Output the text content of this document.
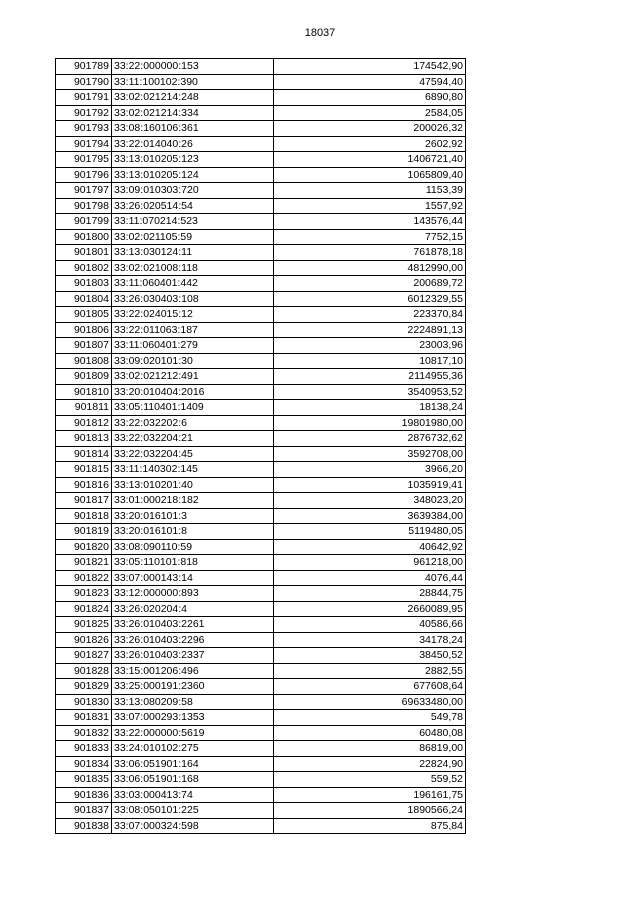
18037
901789	33:22:000000:153	174542,90
901790	33:11:100102:390	47594,40
901791	33:02:021214:248	6890,80
901792	33:02:021214:334	2584,05
901793	33:08:160106:361	200026,32
901794	33:22:014040:26	2602,92
901795	33:13:010205:123	1406721,40
901796	33:13:010205:124	1065809,40
901797	33:09:010303:720	1153,39
901798	33:26:020514:54	1557,92
901799	33:11:070214:523	143576,44
901800	33:02:021105:59	7752,15
901801	33:13:030124:11	761878,18
901802	33:02:021008:118	4812990,00
901803	33:11:060401:442	200689,72
901804	33:26:030403:108	6012329,55
901805	33:22:024015:12	223370,84
901806	33:22:011063:187	2224891,13
901807	33:11:060401:279	23003,96
901808	33:09:020101:30	10817,10
901809	33:02:021212:491	2114955,36
901810	33:20:010404:2016	3540953,52
901811	33:05:110401:1409	18138,24
901812	33:22:032202:6	19801980,00
901813	33:22:032204:21	2876732,62
901814	33:22:032204:45	3592708,00
901815	33:11:140302:145	3966,20
901816	33:13:010201:40	1035919,41
901817	33:01:000218:182	348023,20
901818	33:20:016101:3	3639384,00
901819	33:20:016101:8	5119480,05
901820	33:08:090110:59	40642,92
901821	33:05:110101:818	961218,00
901822	33:07:000143:14	4076,44
901823	33:12:000000:893	28844,75
901824	33:26:020204:4	2660089,95
901825	33:26:010403:2261	40586,66
901826	33:26:010403:2296	34178,24
901827	33:26:010403:2337	38450,52
901828	33:15:001206:496	2882,55
901829	33:25:000191:2360	677608,64
901830	33:13:080209:58	69633480,00
901831	33:07:000293:1353	549,78
901832	33:22:000000:5619	60480,08
901833	33:24:010102:275	86819,00
901834	33:06:051901:164	22824,90
901835	33:06:051901:168	559,52
901836	33:03:000413:74	196161,75
901837	33:08:050101:225	1890566,24
901838	33:07:000324:598	875,84
